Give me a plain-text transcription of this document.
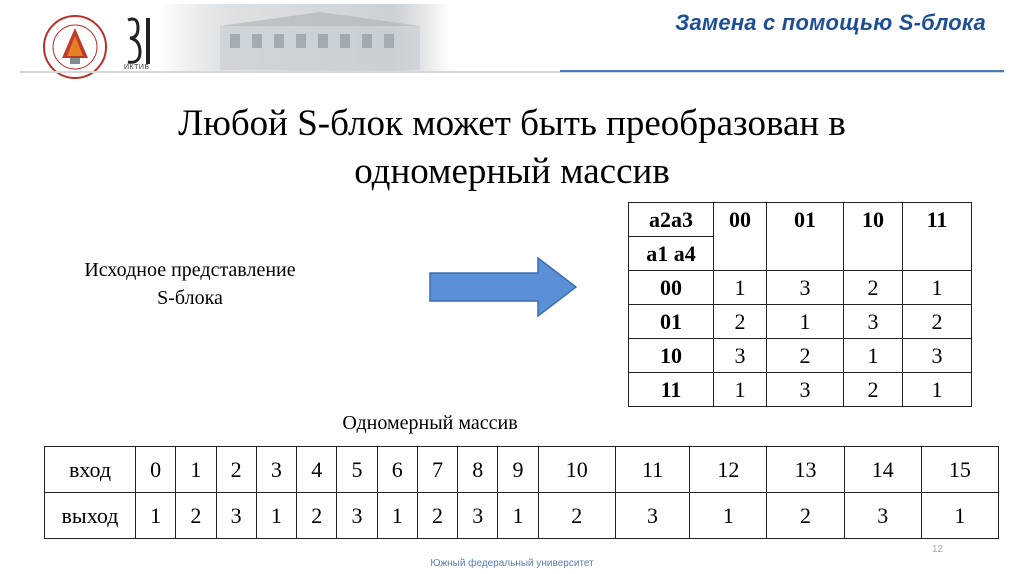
ИКТИБ
Замена с помощью S-блока
Любой S-блок может быть преобразован в
одномерный массив
Исходное представление
S-блока
a2a3	00	01	10	11
a1 a4				
00	1	3	2	1
01	2	1	3	2
10	3	2	1	3
11	1	3	2	1
Одномерный массив
вход	0	1	2	3	4	5	6	7	8	9	10	11	12	13	14	15
выход	1	2	3	1	2	3	1	2	3	1	2	3	1	2	3	1
12
Южный федеральный университет
